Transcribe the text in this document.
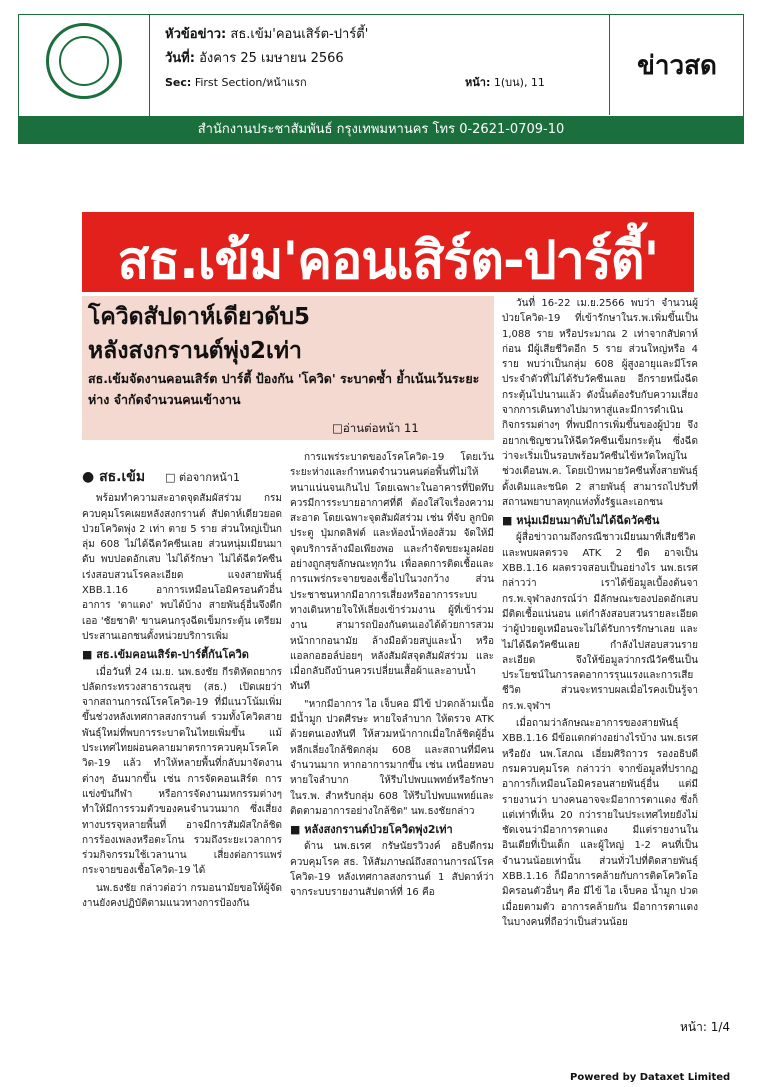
หัวข้อข่าว: สธ.เข้ม'คอนเสิร์ต-ปาร์ตี้'
วันที่: อังคาร 25 เมษายน 2566
Sec: First Section/หน้าแรก	หน้า: 1(บน), 11
ข่าวสด
สำนักงานประชาสัมพันธ์ กรุงเทพมหานคร โทร 0-2621-0709-10
สธ.เข้ม'คอนเสิร์ต-ปาร์ตี้'
โควิดสัปดาห์เดียวดับ5
หลังสงกรานต์พุ่ง2เท่า
สธ.เข้มจัดงานคอนเสิร์ต ปาร์ตี้ ป้องกัน 'โควิด' ระบาดซ้ำ ย้ำเน้นเว้นระยะห่าง จำกัดจำนวนคนเข้างาน
□อ่านต่อหน้า 11
● สธ.เข้ม □ ต่อจากหน้า1

พร้อมทำความสะอาดจุดสัมผัสร่วม กรมควบคุมโรคเผยหลังสงกรานต์ สัปดาห์เดียวยอดป่วยโควิดพุ่ง 2 เท่า ตาย 5 ราย ส่วนใหญ่เป็นกลุ่ม 608 ไม่ได้ฉีดวัคซีนเลย ส่วนหนุ่มเมียนมาดับ พบปอดอักเสบ ไม่ได้รักษา ไม่ได้ฉีดวัคซีน เร่งสอบสวนโรคละเอียด แจงสายพันธุ์ XBB.1.16 อาการเหมือนโอมิครอนตัวอื่น อาการ 'ตาแดง' พบได้บ้าง สายพันธุ์อื่นจึงดีกเออ 'ชัยชาติ' ขานคนกรุงฉีดเข็มกระตุ้น เตรียมประสานเอกชนตั้งหน่วยบริการเพิ่ม

■ สธ.เข้มคอนเสิร์ต-ปาร์ตี้กันโควิด

เมื่อวันที่ 24 เม.ย. นพ.ธงชัย กีรติหัตถยากร ปลัดกระทรวงสาธารณสุข (สธ.) เปิดเผยว่า จากสถานการณ์โรคโควิด-19 ที่มีแนวโน้มเพิ่มขึ้นช่วงหลังเทศกาลสงกรานต์ รวมทั้งโควิดสายพันธุ์ใหม่ที่พบการระบาดในไทยเพิ่มขึ้น แม้ประเทศไทยผ่อนคลายมาตรการควบคุมโรคโควิด-19 แล้ว ทำให้หลายพื้นที่กลับมาจัดงานต่างๆ อันมากขึ้น เช่น การจัดคอนเสิร์ต การแข่งขันกีฬา หรือการจัดงานมหกรรมต่างๆ ทำให้มีการรวมตัวของคนจำนวนมาก ซึ่งเสี่ยงทางบรรจุหลายพื้นที่ อาจมีการสัมผัสใกล้ชิด การร้องเพลงหรือตะโกน รวมถึงระยะเวลาการร่วมกิจกรรมใช้เวลานาน เสี่ยงต่อการแพร่กระจายของเชื้อโควิด-19 ได้

นพ.ธงชัย กล่าวต่อว่า กรมอนามัยขอให้ผู้จัดงานยังคงปฏิบัติตามแนวทางการป้องกัน

การแพร่ระบาดของโรคโควิด-19 โดยเว้นระยะห่างและกำหนดจำนวนคนต่อพื้นที่ไม่ให้หนาแน่นจนเกินไป โดยเฉพาะในอาคารที่ปิดทึบ ควรมีการระบายอากาศที่ดี ต้องใส่ใจเรื่องความสะอาด โดยเฉพาะจุดสัมผัสร่วม เช่น ที่จับ ลูกบิดประตู ปุ่มกดลิฟต์ และห้องน้ำห้องส้วม จัดให้มีจุดบริการล้างมือเพียงพอ และกำจัดขยะมูลฝอยอย่างถูกสุขลักษณะทุกวัน เพื่อลดการติดเชื้อและการแพร่กระจายของเชื้อไปในวงกว้าง ส่วนประชาชนหากมีอาการเสี่ยงหรืออาการระบบทางเดินหายใจให้เลี่ยงเข้าร่วมงาน ผู้ที่เข้าร่วมงาน สามารถป้องกันตนเองได้ด้วยการสวมหน้ากากอนามัย ล้างมือด้วยสบู่และน้ำ หรือแอลกอฮอล์บ่อยๆ หลังสัมผัสจุดสัมผัสร่วม และเมื่อกลับถึงบ้านควรเปลี่ยนเสื้อผ้าและอาบน้ำทันที

"หากมีอาการ ไอ เจ็บคอ มีไข้ ปวดกล้ามเนื้อ มีน้ำมูก ปวดศีรษะ หายใจลำบาก ให้ตรวจ ATK ด้วยตนเองทันที ให้สวมหน้ากากเมื่อใกล้ชิดผู้อื่น หลีกเลี่ยงใกล้ชิดกลุ่ม 608 และสถานที่มีคนจำนวนมาก หากอาการมากขึ้น เช่น เหนื่อยหอบ หายใจลำบาก ให้รีบไปพบแพทย์หรือรักษาในร.พ. สำหรับกลุ่ม 608 ให้รีบไปพบแพทย์และติดตามอาการอย่างใกล้ชิด" นพ.ธงชัยกล่าว

■ หลังสงกรานต์ป่วยโควิดพุ่ง2เท่า

ด้าน นพ.ธเรศ กรัษนัยรวิวงค์ อธิบดีกรมควบคุมโรค สธ. ให้สัมภาษณ์ถึงสถานการณ์โรคโควิด-19 หลังเทศกาลสงกรานต์ 1 สัปดาห์ว่า จากระบบรายงานสัปดาห์ที่ 16 คือ

วันที่ 16-22 เม.ย.2566 พบว่า จำนวนผู้ป่วยโควิด-19 ที่เข้ารักษาในร.พ.เพิ่มขึ้นเป็น 1,088 ราย หรือประมาณ 2 เท่าจากสัปดาห์ก่อน มีผู้เสียชีวิตอีก 5 ราย ส่วนใหญ่หรือ 4 ราย พบว่าเป็นกลุ่ม 608 ผู้สูงอายุและมีโรคประจำตัวที่ไม่ได้รับวัคซีนเลย อีกรายหนึ่งฉีดกระตุ้นไปนานแล้ว ดังนั้นต้องรับกับความเสี่ยงจากการเดินทางไปมาหาสู่และมีการดำเนินกิจกรรมต่างๆ ที่พบมีการเพิ่มขึ้นของผู้ป่วย จึงอยากเชิญชวนให้ฉีดวัคซีนเข็มกระตุ้น ซึ่งฉีดว่าจะเริ่มเป็นรอบพร้อมวัคซีนไข้หวัดใหญ่ในช่วงเดือนพ.ค. โดยเป้าหมายวัคซีนทั้งสายพันธุ์ดั้งเดิมและชนิด 2 สายพันธุ์ สามารถไปรับที่สถานพยาบาลทุกแห่งทั้งรัฐและเอกชน

■ หนุ่มเมียนมาดับไม่ได้ฉีดวัคซีน

ผู้สื่อข่าวถามถึงกรณีชาวเมียนมาที่เสียชีวิตและพบผลตรวจ ATK 2 ขีด อาจเป็น XBB.1.16 ผลตรวจสอบเป็นอย่างไร นพ.ธเรศกล่าวว่า เราได้ข้อมูลเบื้องต้นจากร.พ.จุฬาลงกรณ์ว่า มีลักษณะของปอดอักเสบ มีติดเชื้อแน่นอน แต่กำลังสอบสวนรายละเอียดว่าผู้ป่วยดูเหมือนจะไม่ได้รับการรักษาเลย และไม่ได้ฉีดวัคซีนเลย กำลังไปสอบสวนรายละเอียด จึงให้ข้อมูลว่ากรณีวัคซีนเป็นประโยชน์ในการลดอาการรุนแรงและการเสียชีวิต ส่วนจะทราบผลเมื่อไรคงเป็นรู้จากร.พ.จุฬาฯ

เมื่อถามว่าลักษณะอาการของสายพันธุ์ XBB.1.16 มีข้อแตกต่างอย่างไรบ้าง นพ.ธเรศ หรือยัง นพ.โสภณ เอี่ยมศิริถาวร รองอธิบดีกรมควบคุมโรค กล่าวว่า จากข้อมูลที่ปรากฏอาการก็เหมือนโอมิครอนสายพันธุ์อื่น แต่มีรายงานว่า บางคนอาจจะมีอาการตาแดง ซึ่งก็ แต่เท่าที่เห็น 20 กว่ารายในประเทศไทยยังไม่ชัดเจนว่ามีอาการตาแดง มีแต่รายงานในอินเดียที่เป็นเด็ก และผู้ใหญ่ 1-2 คนที่เป็นจำนวนน้อยเท่านั้น ส่วนทั่วไปที่ติดสายพันธุ์ XBB.1.16 ก็มีอาการคล้ายกับการติดโควิดโอมิครอนตัวอื่นๆ คือ มีไข้ ไอ เจ็บคอ น้ำมูก ปวดเมื่อยตามตัว อาการคล้ายกัน มีอาการตาแดงในบางคนที่ถือว่าเป็นส่วนน้อย

หน้า: 1/4
Powered by Dataxet Limited
